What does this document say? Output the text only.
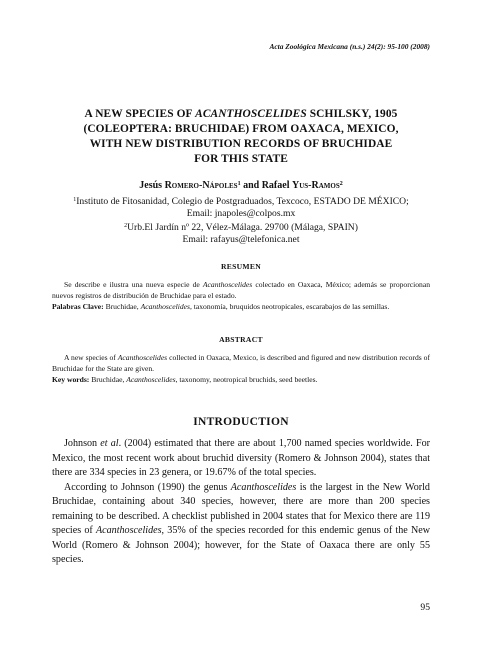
Acta Zoológica Mexicana (n.s.) 24(2): 95-100 (2008)
A NEW SPECIES OF ACANTHOSCELIDES SCHILSKY, 1905
(COLEOPTERA: BRUCHIDAE) FROM OAXACA, MEXICO,
WITH NEW DISTRIBUTION RECORDS OF BRUCHIDAE
FOR THIS STATE
Jesús Romero-Nápoles$^1$ and Rafael Yus-Ramos$^2$
$^1$Instituto de Fitosanidad, Colegio de Postgraduados, Texcoco, ESTADO DE MÉXICO;
Email: jnapoles@colpos.mx
$^2$Urb.El Jardín nº 22, Vélez-Málaga. 29700 (Málaga, SPAIN)
Email: rafayus@telefonica.net
RESUMEN

Se describe e ilustra una nueva especie de Acanthoscelides colectado en Oaxaca, México; además se proporcionan nuevos registros de distribución de Bruchidae para el estado.

Palabras Clave: Bruchidae, Acanthoscelides, taxonomía, bruquidos neotropicales, escarabajos de las semillas.

ABSTRACT

A new species of Acanthoscelides collected in Oaxaca, Mexico, is described and figured and new distribution records of Bruchidae for the State are given.

Key words: Bruchidae, Acanthoscelides, taxonomy, neotropical bruchids, seed beetles.

INTRODUCTION

Johnson et al. (2004) estimated that there are about 1,700 named species worldwide. For Mexico, the most recent work about bruchid diversity (Romero & Johnson 2004), states that there are 334 species in 23 genera, or 19.67% of the total species.

According to Johnson (1990) the genus Acanthoscelides is the largest in the New World Bruchidae, containing about 340 species, however, there are more than 200 species remaining to be described. A checklist published in 2004 states that for Mexico there are 119 species of Acanthoscelides, 35% of the species recorded for this endemic genus of the New World (Romero & Johnson 2004); however, for the State of Oaxaca there are only 55 species.

95
